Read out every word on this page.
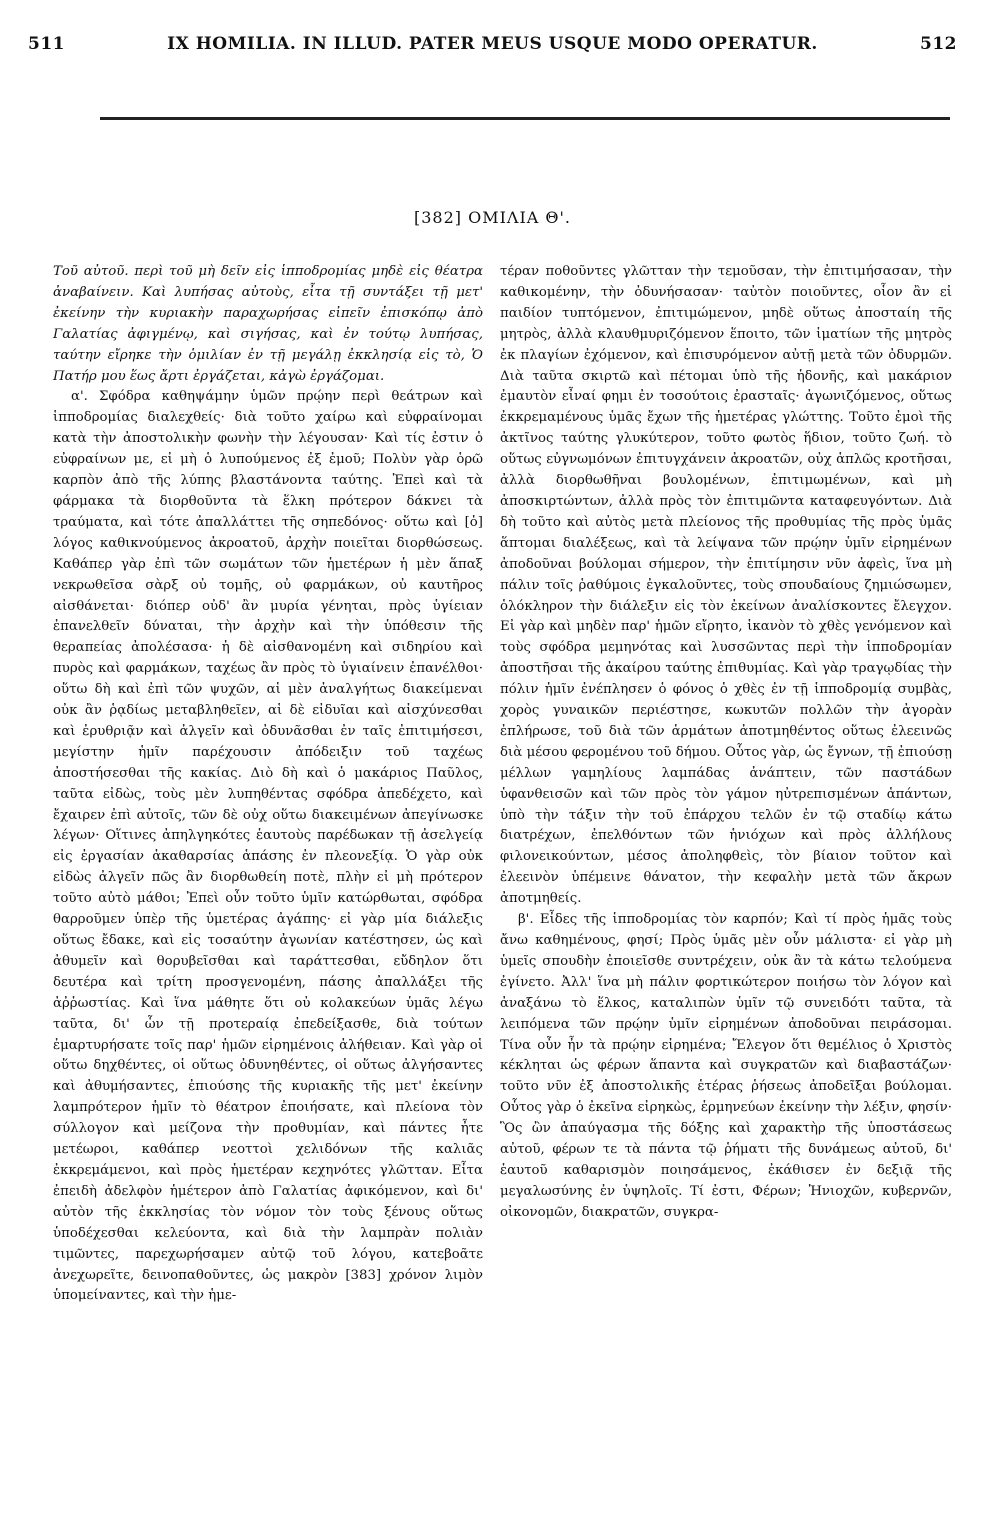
511	IX HOMILIA. IN ILLUD. PATER MEUS USQUE MODO OPERATUR.	512
[382] ΟΜΙΛΙΑ Θ'.

Τοῦ αὐτοῦ. περὶ τοῦ μὴ δεῖν εἰς ἱπποδρομίας μηδὲ εἰς θέατρα ἀναβαίνειν. Καὶ λυπήσας αὐτοὺς, εἶτα τῇ συντάξει τῇ μετ' ἐκείνην τὴν κυριακὴν παραχωρήσας εἰπεῖν ἐπισκόπῳ ἀπὸ Γαλατίας ἀφιγμένῳ, καὶ σιγήσας, καὶ ἐν τούτῳ λυπήσας, ταύτην εἴρηκε τὴν ὁμιλίαν ἐν τῇ μεγάλῃ ἐκκλησίᾳ εἰς τὸ, Ὁ Πατήρ μου ἕως ἄρτι ἐργάζεται, κἀγὼ ἐργάζομαι.

α'. Σφόδρα καθηψάμην ὑμῶν πρῴην περὶ θεάτρων καὶ ἱπποδρομίας διαλεχθείς· διὰ τοῦτο χαίρω καὶ εὐφραίνομαι κατὰ τὴν ἀποστολικὴν φωνὴν τὴν λέγουσαν· Καὶ τίς ἐστιν ὁ εὐφραίνων με, εἰ μὴ ὁ λυπούμενος ἐξ ἐμοῦ; Πολὺν γὰρ ὁρῶ καρπὸν ἀπὸ τῆς λύπης βλαστάνοντα ταύτης. Ἐπεὶ καὶ τὰ φάρμακα τὰ διορθοῦντα τὰ ἕλκη πρότερον δάκνει τὰ τραύματα, καὶ τότε ἀπαλλάττει τῆς σηπεδόνος· οὕτω καὶ [ὁ] λόγος καθικνούμενος ἀκροατοῦ, ἀρχὴν ποιεῖται διορθώσεως. Καθάπερ γὰρ ἐπὶ τῶν σωμάτων τῶν ἡμετέρων ἡ μὲν ἅπαξ νεκρωθεῖσα σὰρξ οὐ τομῆς, οὐ φαρμάκων, οὐ καυτῆρος αἰσθάνεται· διόπερ οὐδ' ἂν μυρία γένηται, πρὸς ὑγίειαν ἐπανελθεῖν δύναται, τὴν ἀρχὴν καὶ τὴν ὑπόθεσιν τῆς θεραπείας ἀπολέσασα· ἡ δὲ αἰσθανομένη καὶ σιδηρίου καὶ πυρὸς καὶ φαρμάκων, ταχέως ἂν πρὸς τὸ ὑγιαίνειν ἐπανέλθοι· οὕτω δὴ καὶ ἐπὶ τῶν ψυχῶν, αἱ μὲν ἀναλγήτως διακείμεναι οὐκ ἂν ῥᾳδίως μεταβληθεῖεν, αἱ δὲ εἰδυῖαι καὶ αἰσχύνεσθαι καὶ ἐρυθριᾷν καὶ ἀλγεῖν καὶ ὀδυνᾶσθαι ἐν ταῖς ἐπιτιμήσεσι, μεγίστην ἡμῖν παρέχουσιν ἀπόδειξιν τοῦ ταχέως ἀποστήσεσθαι τῆς κακίας. Διὸ δὴ καὶ ὁ μακάριος Παῦλος, ταῦτα εἰδὼς, τοὺς μὲν λυπηθέντας σφόδρα ἀπεδέχετο, καὶ ἔχαιρεν ἐπὶ αὐτοῖς, τῶν δὲ οὐχ οὕτω διακειμένων ἀπεγίνωσκε λέγων· Οἵτινες ἀπηλγηκότες ἑαυτοὺς παρέδωκαν τῇ ἀσελγείᾳ εἰς ἐργασίαν ἀκαθαρσίας ἁπάσης ἐν πλεονεξίᾳ. Ὁ γὰρ οὐκ εἰδὼς ἀλγεῖν πῶς ἂν διορθωθείη ποτὲ, πλὴν εἰ μὴ πρότερον τοῦτο αὐτὸ μάθοι; Ἐπεὶ οὖν τοῦτο ὑμῖν κατώρθωται, σφόδρα θαρροῦμεν ὑπὲρ τῆς ὑμετέρας ἀγάπης· εἰ γὰρ μία διάλεξις οὕτως ἔδακε, καὶ εἰς τοσαύτην ἀγωνίαν κατέστησεν, ὡς καὶ ἀθυμεῖν καὶ θορυβεῖσθαι καὶ ταράττεσθαι, εὔδηλον ὅτι δευτέρα καὶ τρίτη προσγενομένη, πάσης ἀπαλλάξει τῆς ἀῤῥωστίας. Καὶ ἵνα μάθητε ὅτι οὐ κολακεύων ὑμᾶς λέγω ταῦτα, δι' ὧν τῇ προτεραίᾳ ἐπεδείξασθε, διὰ τούτων ἐμαρτυρήσατε τοῖς παρ' ἡμῶν εἰρημένοις ἀλήθειαν. Καὶ γὰρ οἱ οὕτω δηχθέντες, οἱ οὕτως ὀδυνηθέντες, οἱ οὕτως ἀλγήσαντες καὶ ἀθυμήσαντες, ἐπιούσης τῆς κυριακῆς τῆς μετ' ἐκείνην λαμπρότερον ἡμῖν τὸ θέατρον ἐποιήσατε, καὶ πλείονα τὸν σύλλογον καὶ μείζονα τὴν προθυμίαν, καὶ πάντες ἦτε μετέωροι, καθάπερ νεοττοὶ χελιδόνων τῆς καλιᾶς ἐκκρεμάμενοι, καὶ πρὸς ἡμετέραν κεχηνότες γλῶτταν. Εἶτα ἐπειδὴ ἀδελφὸν ἡμέτερον ἀπὸ Γαλατίας ἀφικόμενον, καὶ δι' αὐτὸν τῆς ἐκκλησίας τὸν νόμον τὸν τοὺς ξένους οὕτως ὑποδέχεσθαι κελεύοντα, καὶ διὰ τὴν λαμπρὰν πολιὰν τιμῶντες, παρεχωρήσαμεν αὐτῷ τοῦ λόγου, κατεβοᾶτε ἀνεχωρεῖτε, δεινοπαθοῦντες, ὡς μακρὸν [383] χρόνον λιμὸν ὑπομείναντες, καὶ τὴν ἡμε-

τέραν ποθοῦντες γλῶτταν τὴν τεμοῦσαν, τὴν ἐπιτιμήσασαν, τὴν καθικομένην, τὴν ὀδυνήσασαν· ταὐτὸν ποιοῦντες, οἷον ἂν εἰ παιδίον τυπτόμενον, ἐπιτιμώμενον, μηδὲ οὕτως ἀποσταίη τῆς μητρὸς, ἀλλὰ κλαυθμυριζόμενον ἕποιτο, τῶν ἱματίων τῆς μητρὸς ἐκ πλαγίων ἐχόμενον, καὶ ἐπισυρόμενον αὐτῇ μετὰ τῶν ὀδυρμῶν. Διὰ ταῦτα σκιρτῶ καὶ πέτομαι ὑπὸ τῆς ἡδονῆς, καὶ μακάριον ἐμαυτὸν εἶναί φημι ἐν τοσούτοις ἐρασταῖς· ἀγωνιζόμενος, οὕτως ἐκκρεμαμένους ὑμᾶς ἔχων τῆς ἡμετέρας γλώττης. Τοῦτο ἐμοὶ τῆς ἀκτῖνος ταύτης γλυκύτερον, τοῦτο φωτὸς ἥδιον, τοῦτο ζωή. τὸ οὕτως εὐγνωμόνων ἐπιτυγχάνειν ἀκροατῶν, οὐχ ἁπλῶς κροτῆσαι, ἀλλὰ διορθωθῆναι βουλομένων, ἐπιτιμωμένων, καὶ μὴ ἀποσκιρτώντων, ἀλλὰ πρὸς τὸν ἐπιτιμῶντα καταφευγόντων. Διὰ δὴ τοῦτο καὶ αὐτὸς μετὰ πλείονος τῆς προθυμίας τῆς πρὸς ὑμᾶς ἅπτομαι διαλέξεως, καὶ τὰ λείψανα τῶν πρῴην ὑμῖν εἰρημένων ἀποδοῦναι βούλομαι σήμερον, τὴν ἐπιτίμησιν νῦν ἀφεὶς, ἵνα μὴ πάλιν τοῖς ῥαθύμοις ἐγκαλοῦντες, τοὺς σπουδαίους ζημιώσωμεν, ὁλόκληρον τὴν διάλεξιν εἰς τὸν ἐκείνων ἀναλίσκοντες ἔλεγχον. Εἰ γὰρ καὶ μηδὲν παρ' ἡμῶν εἴρητο, ἱκανὸν τὸ χθὲς γενόμενον καὶ τοὺς σφόδρα μεμηνότας καὶ λυσσῶντας περὶ τὴν ἱπποδρομίαν ἀποστῆσαι τῆς ἀκαίρου ταύτης ἐπιθυμίας. Καὶ γὰρ τραγῳδίας τὴν πόλιν ἡμῖν ἐνέπλησεν ὁ φόνος ὁ χθὲς ἐν τῇ ἱπποδρομίᾳ συμβὰς, χορὸς γυναικῶν περιέστησε, κωκυτῶν πολλῶν τὴν ἀγορὰν ἐπλήρωσε, τοῦ διὰ τῶν ἁρμάτων ἀποτμηθέντος οὕτως ἐλεεινῶς διὰ μέσου φερομένου τοῦ δήμου. Οὗτος γὰρ, ὡς ἔγνων, τῇ ἐπιούσῃ μέλλων γαμηλίους λαμπάδας ἀνάπτειν, τῶν παστάδων ὑφανθεισῶν καὶ τῶν πρὸς τὸν γάμον ηὐτρεπισμένων ἁπάντων, ὑπὸ τὴν τάξιν τὴν τοῦ ἐπάρχου τελῶν ἐν τῷ σταδίῳ κάτω διατρέχων, ἐπελθόντων τῶν ἡνιόχων καὶ πρὸς ἀλλήλους φιλονεικούντων, μέσος ἀποληφθεὶς, τὸν βίαιον τοῦτον καὶ ἐλεεινὸν ὑπέμεινε θάνατον, τὴν κεφαλὴν μετὰ τῶν ἄκρων ἀποτμηθείς.

β'. Εἶδες τῆς ἱπποδρομίας τὸν καρπόν; Καὶ τί πρὸς ἡμᾶς τοὺς ἄνω καθημένους, φησί; Πρὸς ὑμᾶς μὲν οὖν μάλιστα· εἰ γὰρ μὴ ὑμεῖς σπουδὴν ἐποιεῖσθε συντρέχειν, οὐκ ἂν τὰ κάτω τελούμενα ἐγίνετο. Ἀλλ' ἵνα μὴ πάλιν φορτικώτερον ποιήσω τὸν λόγον καὶ ἀναξάνω τὸ ἕλκος, καταλιπὼν ὑμῖν τῷ συνειδότι ταῦτα, τὰ λειπόμενα τῶν πρῴην ὑμῖν εἰρημένων ἀποδοῦναι πειράσομαι. Τίνα οὖν ἦν τὰ πρῴην εἰρημένα; Ἔλεγον ὅτι θεμέλιος ὁ Χριστὸς κέκληται ὡς φέρων ἅπαντα καὶ συγκρατῶν καὶ διαβαστάζων· τοῦτο νῦν ἐξ ἀποστολικῆς ἑτέρας ῥήσεως ἀποδεῖξαι βούλομαι. Οὗτος γὰρ ὁ ἐκεῖνα εἰρηκὼς, ἑρμηνεύων ἐκείνην τὴν λέξιν, φησίν· Ὃς ὢν ἀπαύγασμα τῆς δόξης καὶ χαρακτὴρ τῆς ὑποστάσεως αὐτοῦ, φέρων τε τὰ πάντα τῷ ῥήματι τῆς δυνάμεως αὐτοῦ, δι' ἑαυτοῦ καθαρισμὸν ποιησάμενος, ἐκάθισεν ἐν δεξιᾷ τῆς μεγαλωσύνης ἐν ὑψηλοῖς. Τί ἐστι, Φέρων; Ἡνιοχῶν, κυβερνῶν, οἰκονομῶν, διακρατῶν, συγκρα-
